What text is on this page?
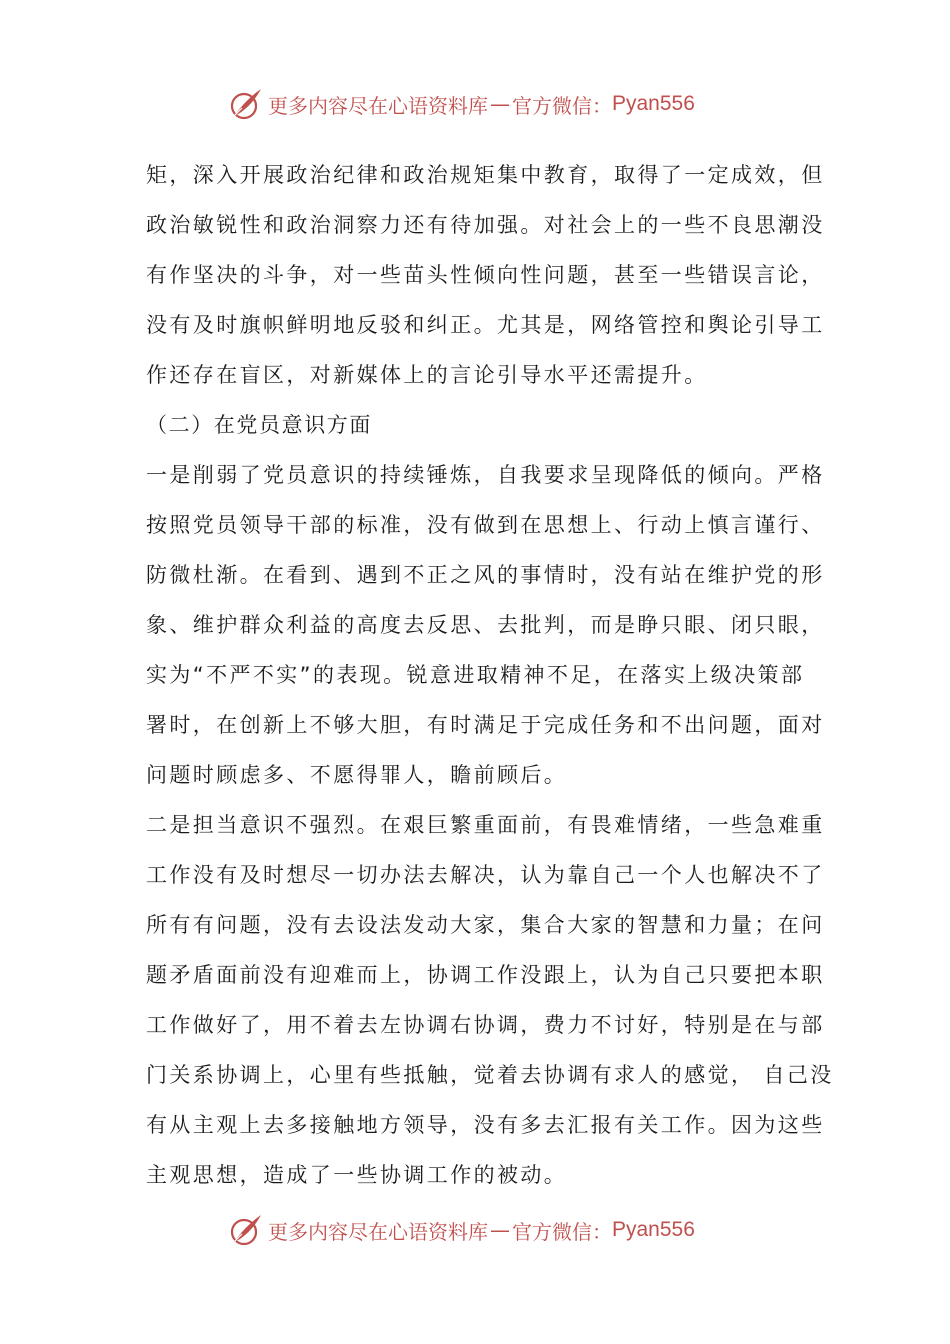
更多内容尽在心语资料库 — 官方微信： Pyan556
矩，深入开展政治纪律和政治规矩集中教育，取得了一定成效，但
政治敏锐性和政治洞察力还有待加强。对社会上的一些不良思潮没
有作坚决的斗争，对一些苗头性倾向性问题，甚至一些错误言论，
没有及时旗帜鲜明地反驳和纠正。尤其是，网络管控和舆论引导工
作还存在盲区，对新媒体上的言论引导水平还需提升。
（二）在党员意识方面
一是削弱了党员意识的持续锤炼，自我要求呈现降低的倾向。严格
按照党员领导干部的标准，没有做到在思想上、行动上慎言谨行、
防微杜渐。在看到、遇到不正之风的事情时，没有站在维护党的形
象、维护群众利益的高度去反思、去批判，而是睁只眼、闭只眼，
实为“不严不实”的表现。锐意进取精神不足，在落实上级决策部
署时，在创新上不够大胆，有时满足于完成任务和不出问题，面对
问题时顾虑多、不愿得罪人，瞻前顾后。
二是担当意识不强烈。在艰巨繁重面前，有畏难情绪，一些急难重
工作没有及时想尽一切办法去解决，认为靠自己一个人也解决不了
所有有问题，没有去设法发动大家，集合大家的智慧和力量；在问
题矛盾面前没有迎难而上，协调工作没跟上，认为自己只要把本职
工作做好了，用不着去左协调右协调，费力不讨好，特别是在与部
门关系协调上，心里有些抵触，觉着去协调有求人的感觉， 自己没
有从主观上去多接触地方领导，没有多去汇报有关工作。因为这些
主观思想，造成了一些协调工作的被动。
更多内容尽在心语资料库 — 官方微信： Pyan556
